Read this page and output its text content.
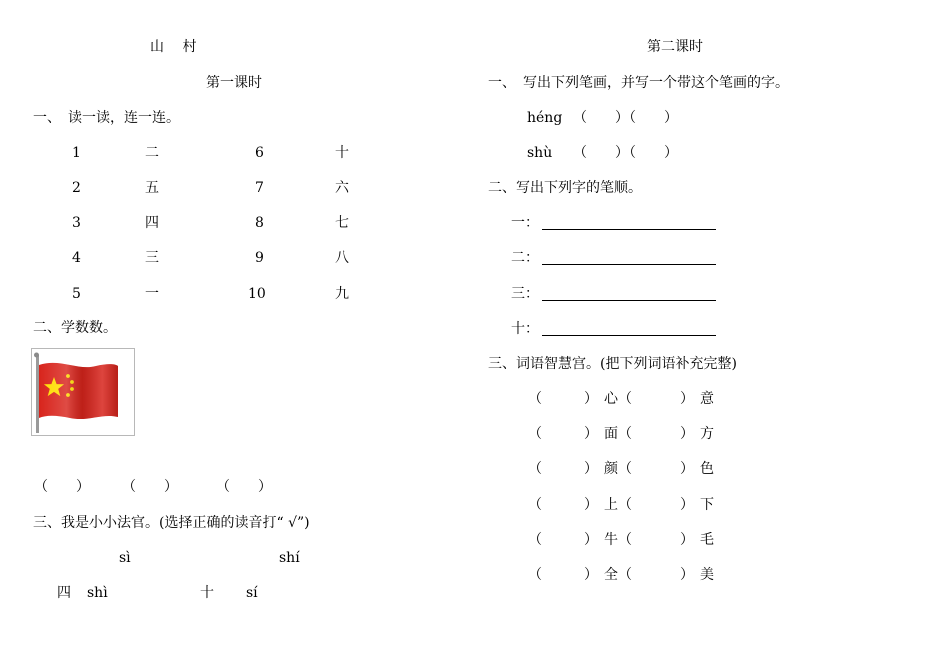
山　 村
第一课时
一、　读一读，连一连。
1	二	6	十
2	五	7	六
3	四	8	七
4	三	9	八
5	一	10	九
二、学数数。
（　　） （　　）	（　　）
三、我是小小法官。(选择正确的读音打“ √”)
sì	shí
四 shì	十 sí
第二课时
一、　写出下列笔画，并写一个带这个笔画的字。
héng （　　）（　　）
shù （　　）（　　）
二、写出下列字的笔顺。
一：
二：
三：
十：
三、词语智慧宫。(把下列词语补充完整)
（	） 心 （	） 意
（	） 面 （	） 方
（	） 颜 （	） 色
（	） 上 （	） 下
（	） 牛 （	） 毛
（	） 全 （	） 美
